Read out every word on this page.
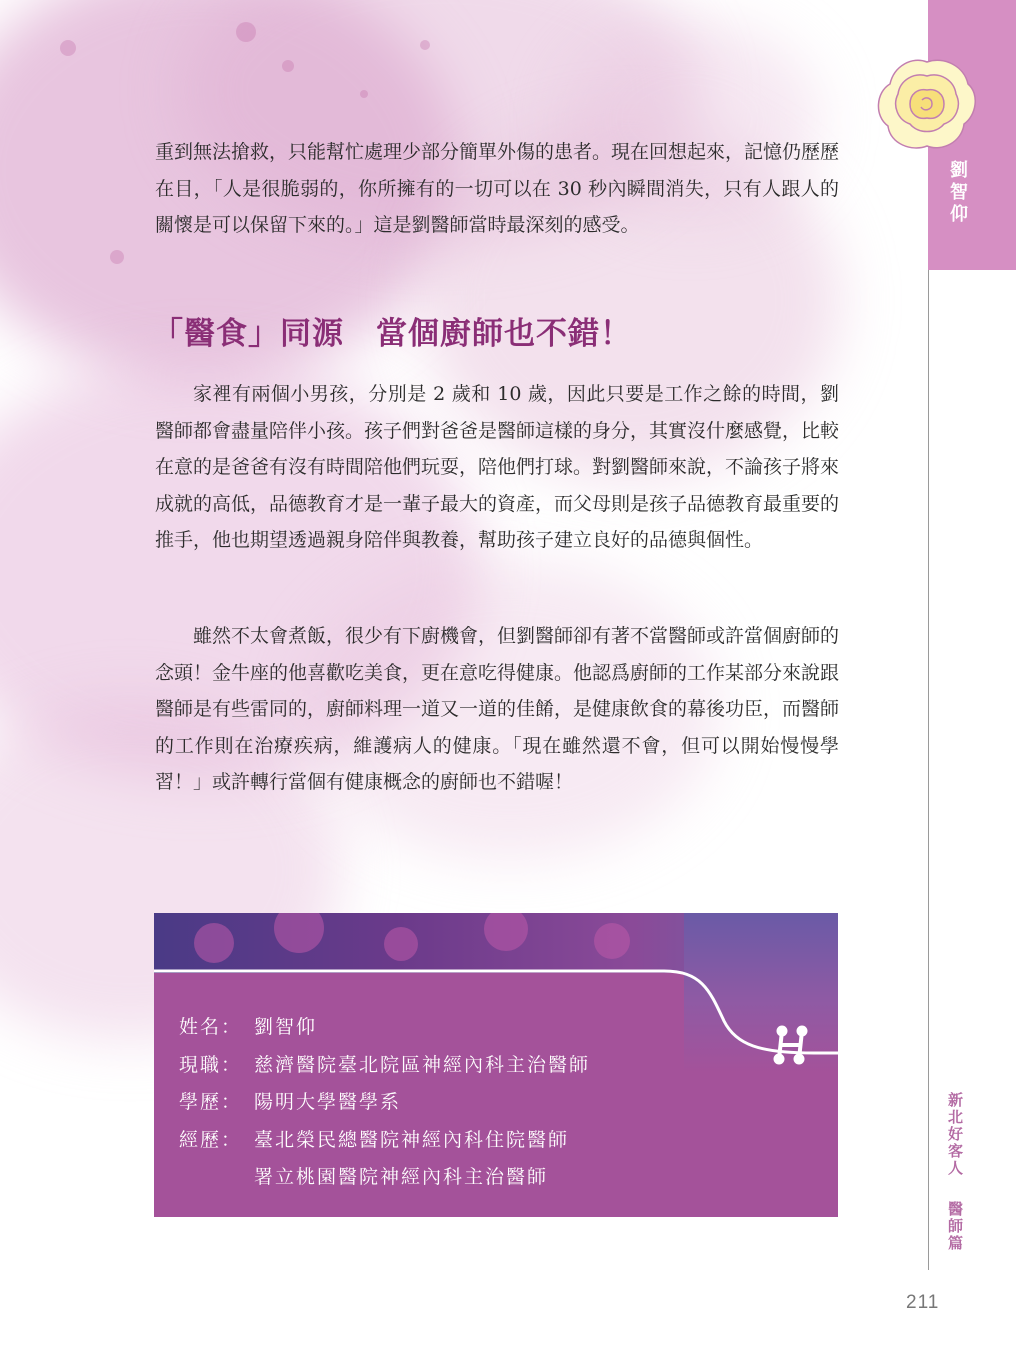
劉智仰
新北好客人醫師篇
211

重到無法搶救，只能幫忙處理少部分簡單外傷的患者。現在回想起來，記憶仍歷歷在目，「人是很脆弱的，你所擁有的一切可以在 30 秒內瞬間消失，只有人跟人的關懷是可以保留下來的。」這是劉醫師當時最深刻的感受。

「醫食」同源　當個廚師也不錯！

家裡有兩個小男孩，分別是 2 歲和 10 歲，因此只要是工作之餘的時間，劉醫師都會盡量陪伴小孩。孩子們對爸爸是醫師這樣的身分，其實沒什麼感覺，比較在意的是爸爸有沒有時間陪他們玩耍，陪他們打球。對劉醫師來說，不論孩子將來成就的高低，品德教育才是一輩子最大的資產，而父母則是孩子品德教育最重要的推手，他也期望透過親身陪伴與教養，幫助孩子建立良好的品德與個性。

雖然不太會煮飯，很少有下廚機會，但劉醫師卻有著不當醫師或許當個廚師的念頭！金牛座的他喜歡吃美食，更在意吃得健康。他認爲廚師的工作某部分來說跟醫師是有些雷同的，廚師料理一道又一道的佳餚，是健康飲食的幕後功臣，而醫師的工作則在治療疾病，維護病人的健康。「現在雖然還不會，但可以開始慢慢學習！」或許轉行當個有健康概念的廚師也不錯喔！

姓名： 劉智仰
現職： 慈濟醫院臺北院區神經內科主治醫師
學歷： 陽明大學醫學系
經歷： 臺北榮民總醫院神經內科住院醫師
署立桃園醫院神經內科主治醫師
